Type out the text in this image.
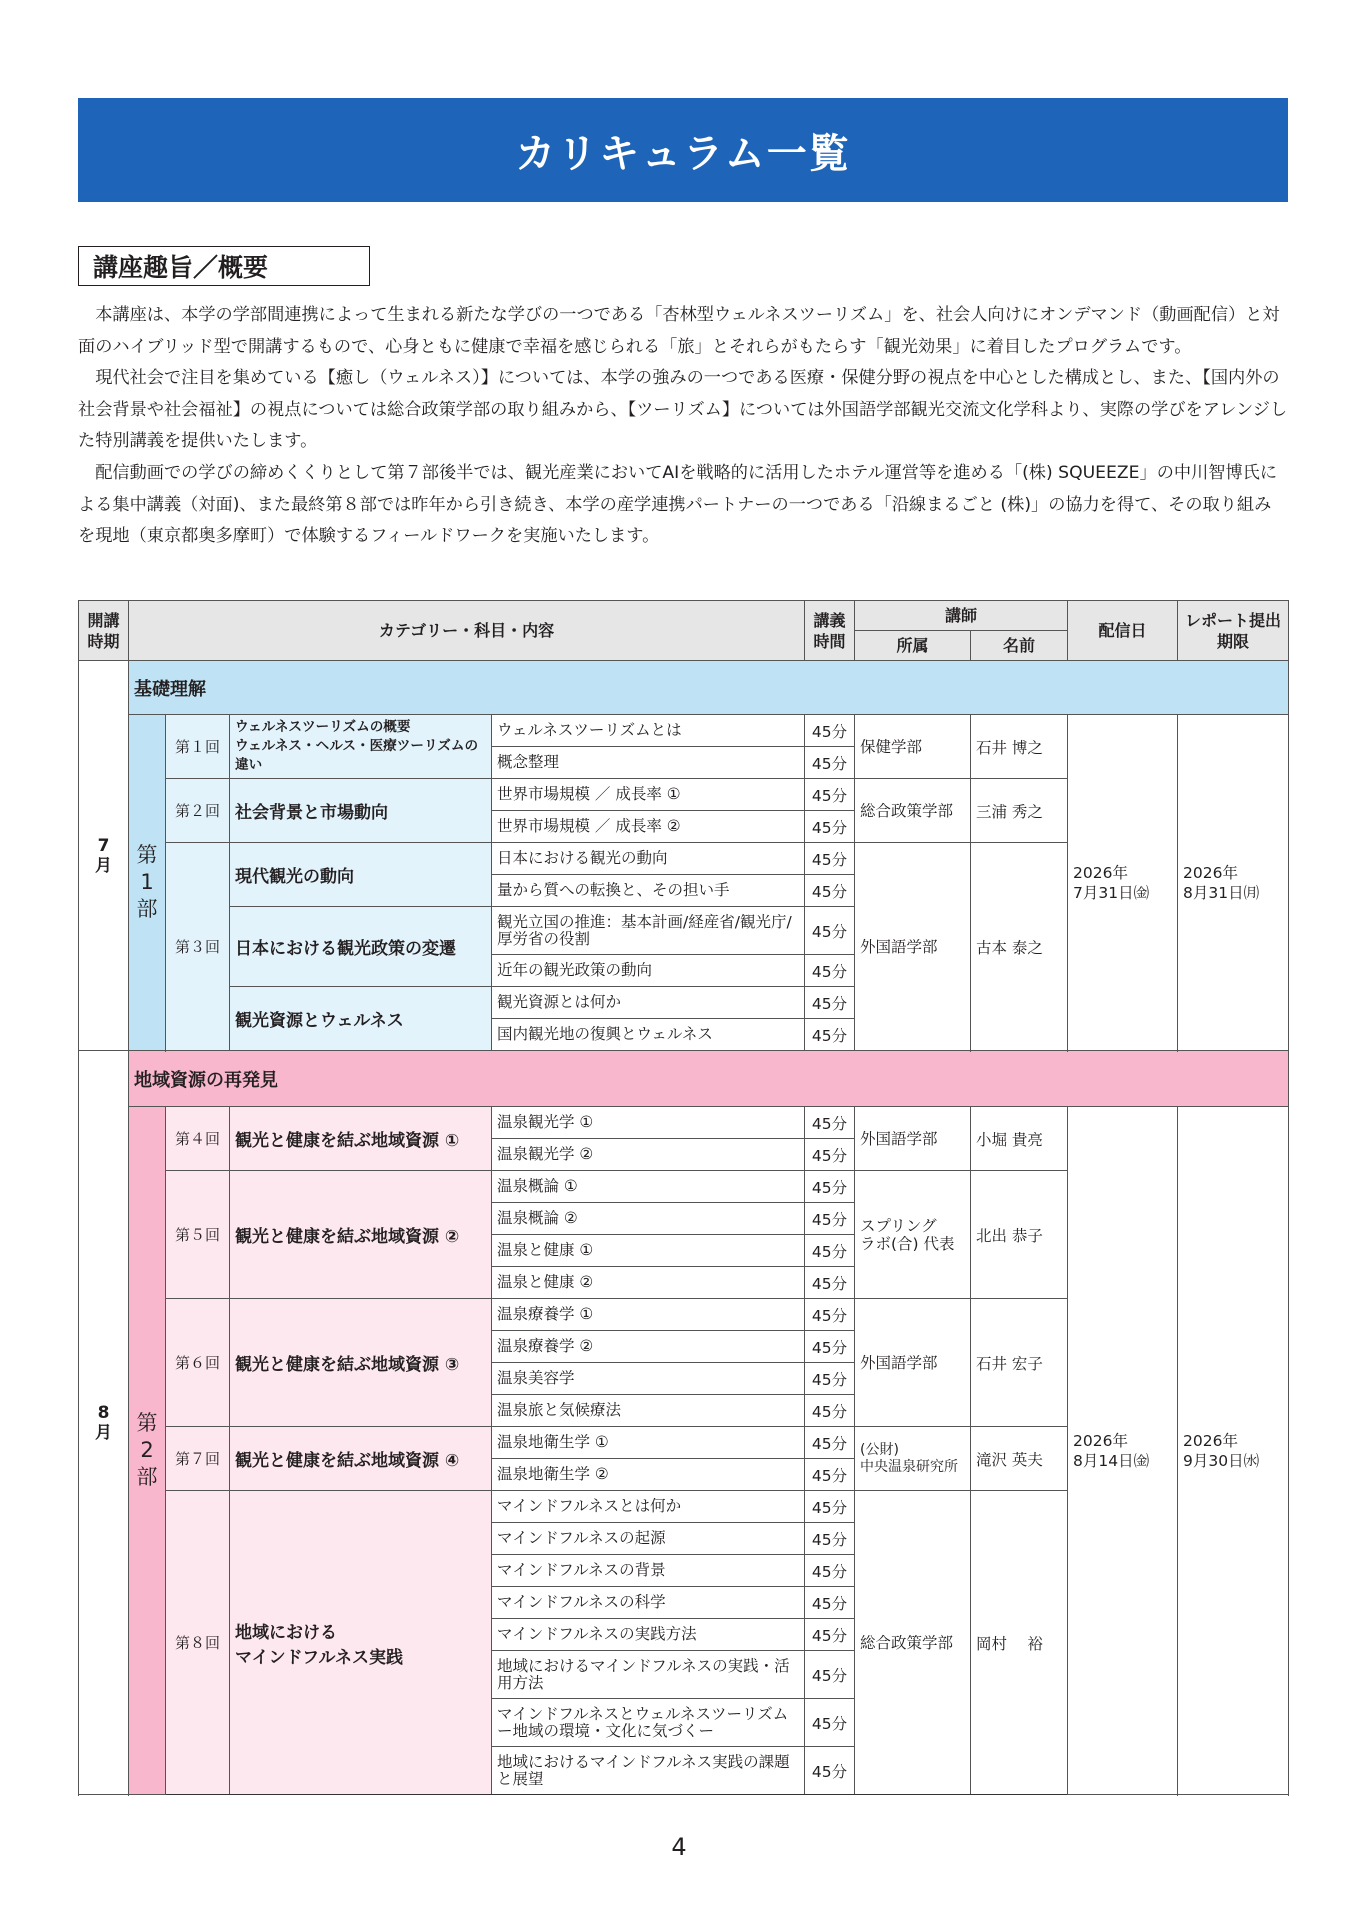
カリキュラム一覧
講座趣旨／概要

本講座は、本学の学部間連携によって生まれる新たな学びの一つである「杏林型ウェルネスツーリズム」を、社会人向けにオンデマンド（動画配信）と対面のハイブリッド型で開講するもので、心身ともに健康で幸福を感じられる「旅」とそれらがもたらす「観光効果」に着目したプログラムです。

現代社会で注目を集めている【癒し（ウェルネス）】については、本学の強みの一つである医療・保健分野の視点を中心とした構成とし、また、【国内外の社会背景や社会福祉】の視点については総合政策学部の取り組みから、【ツーリズム】については外国語学部観光交流文化学科より、実際の学びをアレンジした特別講義を提供いたします。

配信動画での学びの締めくくりとして第７部後半では、観光産業においてAIを戦略的に活用したホテル運営等を進める「(株) SQUEEZE」の中川智博氏による集中講義（対面)、また最終第８部では昨年から引き続き、本学の産学連携パートナーの一つである「沿線まるごと (株)」の協力を得て、その取り組みを現地（東京都奥多摩町）で体験するフィールドワークを実施いたします。

開講時期	カテゴリー・科目・内容				講義時間	講師		配信日	レポート提出期限
						所属	名前		
7
月	基礎理解								
	第
1
部	第１回	ウェルネスツーリズムの概要
ウェルネス・ヘルス・医療ツーリズムの違い	ウェルネスツーリズムとは	45分	保健学部	石井 博之	2026年
7月31日㈮	2026年
8月31日㈪
				概念整理	45分				
		第２回	社会背景と市場動向	世界市場規模 ／ 成長率 ①	45分	総合政策学部	三浦 秀之		
				世界市場規模 ／ 成長率 ②	45分				
		第３回	現代観光の動向	日本における観光の動向	45分	外国語学部	古本 泰之		
				量から質への転換と、その担い手	45分				
			日本における観光政策の変遷	観光立国の推進：基本計画/経産省/観光庁/厚労省の役割	45分				
				近年の観光政策の動向	45分				
			観光資源とウェルネス	観光資源とは何か	45分				
				国内観光地の復興とウェルネス	45分				

8
月	地域資源の再発見								
	第
2
部	第４回	観光と健康を結ぶ地域資源 ①	温泉観光学 ①	45分	外国語学部	小堀 貴亮	2026年
8月14日㈮	2026年
9月30日㈬
				温泉観光学 ②	45分				
		第５回	観光と健康を結ぶ地域資源 ②	温泉概論 ①	45分	スプリング
ラボ(合) 代表	北出 恭子		
				温泉概論 ②	45分				
				温泉と健康 ①	45分				
				温泉と健康 ②	45分				
		第６回	観光と健康を結ぶ地域資源 ③	温泉療養学 ①	45分	外国語学部	石井 宏子		
				温泉療養学 ②	45分				
				温泉美容学	45分				
				温泉旅と気候療法	45分				
		第７回	観光と健康を結ぶ地域資源 ④	温泉地衛生学 ①	45分	(公財)
中央温泉研究所	滝沢 英夫		
				温泉地衛生学 ②	45分				
		第８回	地域における
マインドフルネス実践	マインドフルネスとは何か	45分	総合政策学部	岡村　 裕		
				マインドフルネスの起源	45分				
				マインドフルネスの背景	45分				
				マインドフルネスの科学	45分				
				マインドフルネスの実践方法	45分				
				地域におけるマインドフルネスの実践・活用方法	45分				
				マインドフルネスとウェルネスツーリズム ー地域の環境・文化に気づくー	45分				
				地域におけるマインドフルネス実践の課題と展望	45分				

4
